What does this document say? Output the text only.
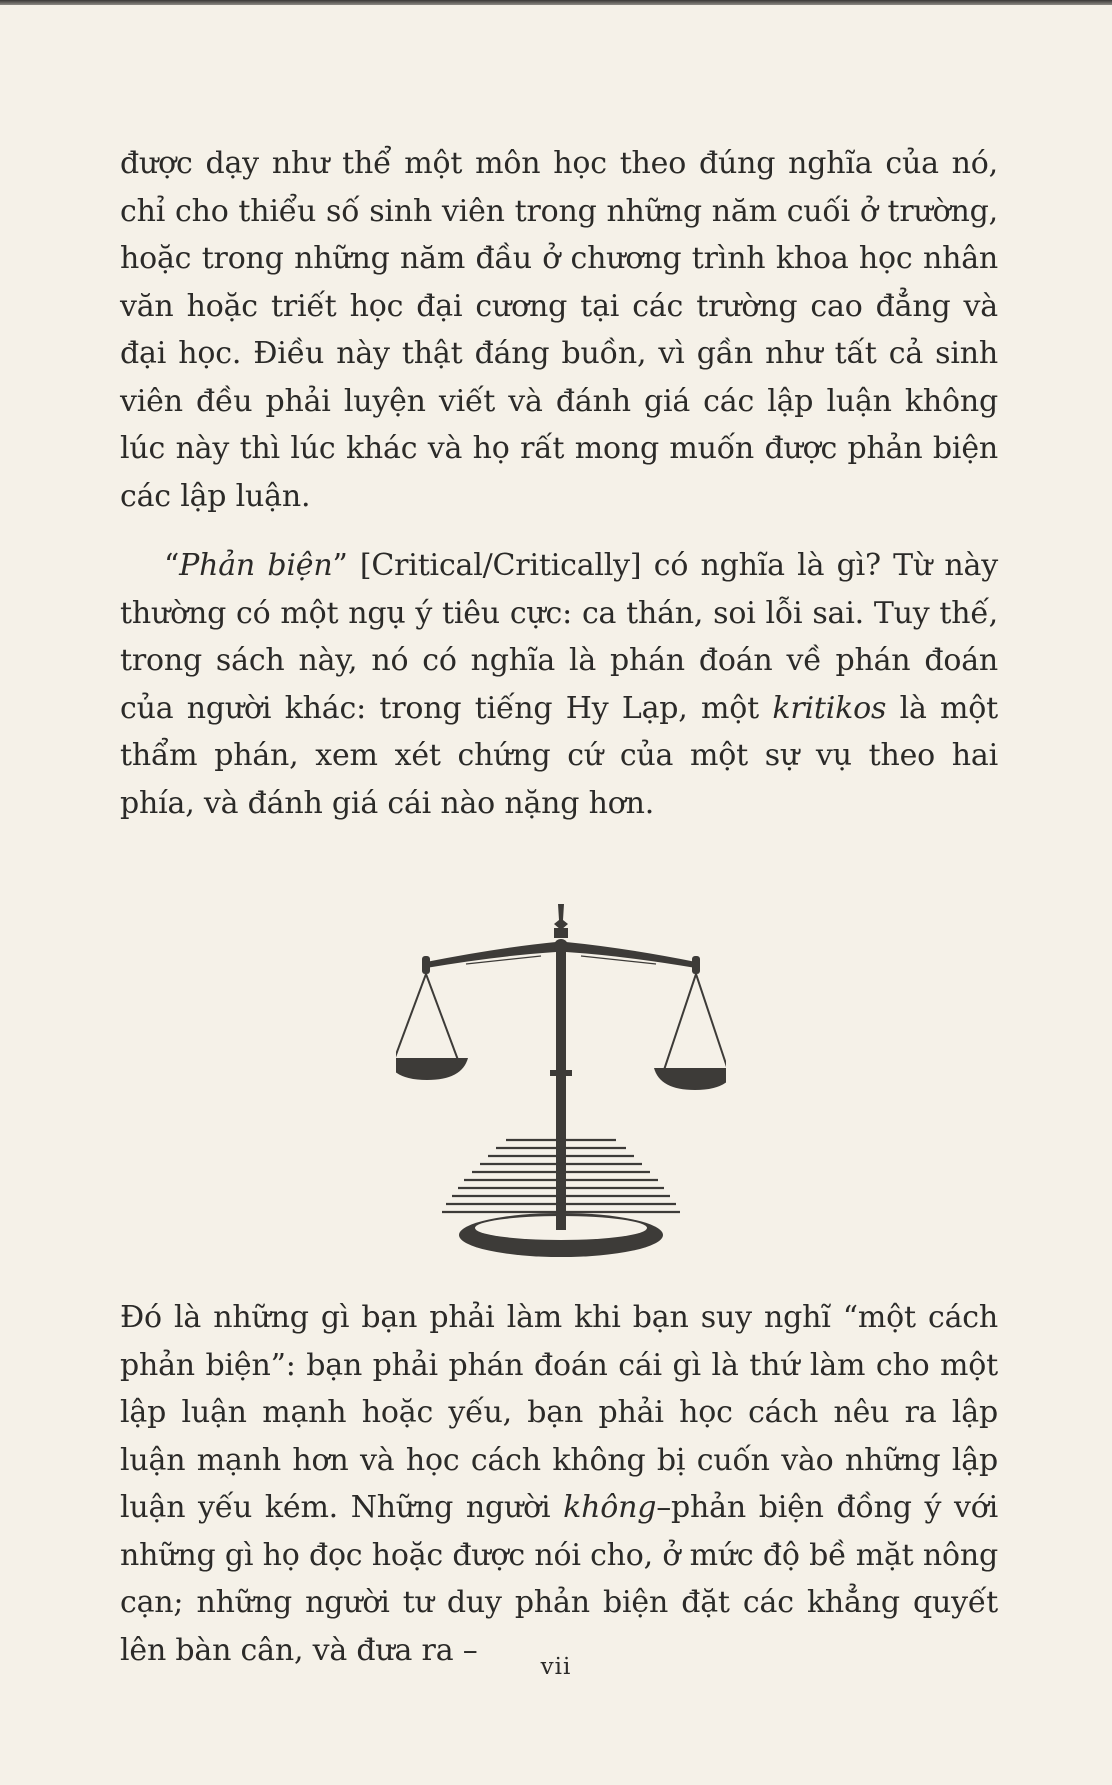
được dạy như thể một môn học theo đúng nghĩa của nó, chỉ cho thiểu số sinh viên trong những năm cuối ở trường, hoặc trong những năm đầu ở chương trình khoa học nhân văn hoặc triết học đại cương tại các trường cao đẳng và đại học. Điều này thật đáng buồn, vì gần như tất cả sinh viên đều phải luyện viết và đánh giá các lập luận không lúc này thì lúc khác và họ rất mong muốn được phản biện các lập luận.

“Phản biện” [Critical/Critically] có nghĩa là gì? Từ này thường có một ngụ ý tiêu cực: ca thán, soi lỗi sai. Tuy thế, trong sách này, nó có nghĩa là phán đoán về phán đoán của người khác: trong tiếng Hy Lạp, một kritikos là một thẩm phán, xem xét chứng cứ của một sự vụ theo hai phía, và đánh giá cái nào nặng hơn.

Đó là những gì bạn phải làm khi bạn suy nghĩ “một cách phản biện”: bạn phải phán đoán cái gì là thứ làm cho một lập luận mạnh hoặc yếu, bạn phải học cách nêu ra lập luận mạnh hơn và học cách không bị cuốn vào những lập luận yếu kém. Những người không–phản biện đồng ý với những gì họ đọc hoặc được nói cho, ở mức độ bề mặt nông cạn; những người tư duy phản biện đặt các khẳng quyết lên bàn cân, và đưa ra –	vii
